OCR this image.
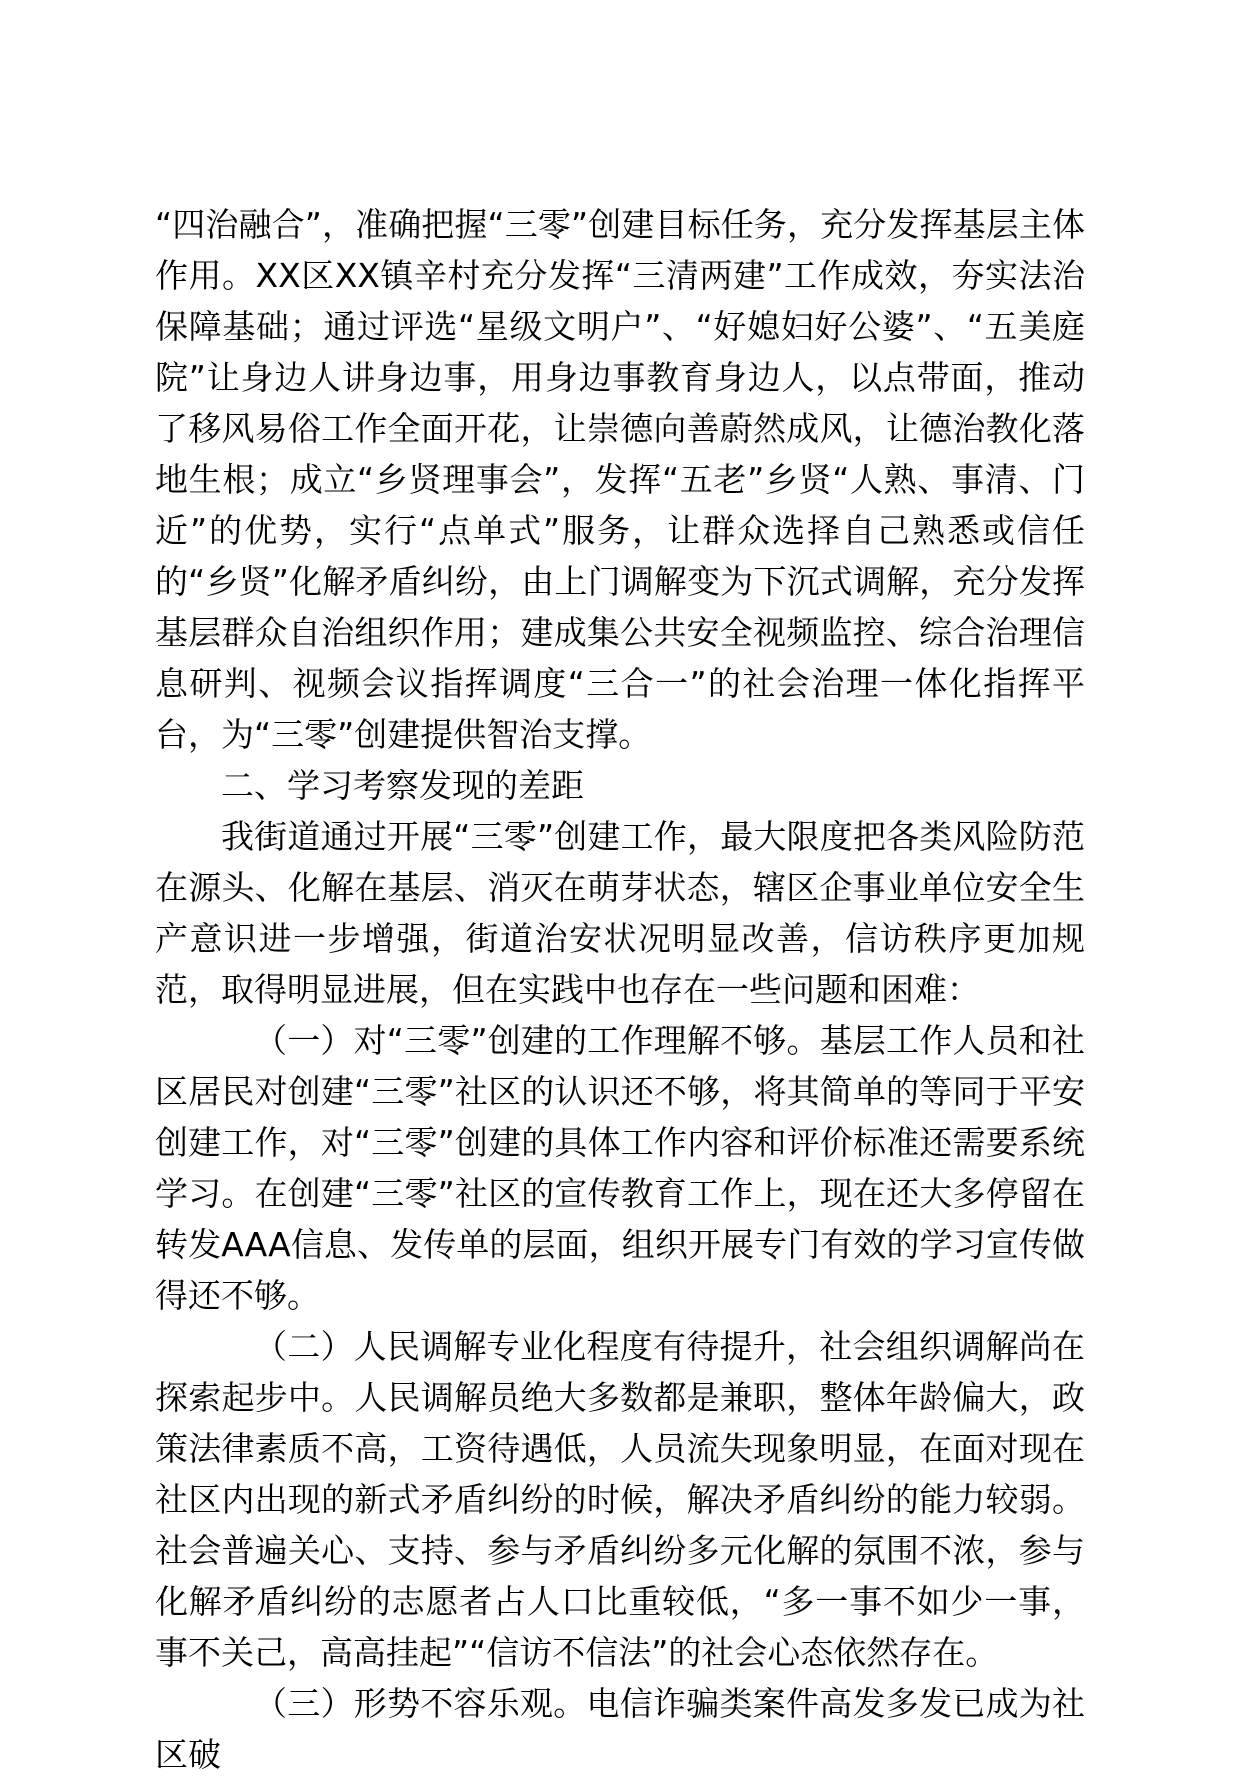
“四治融合”，准确把握“三零”创建目标任务，充分发挥基层主体作用。XX区XX镇辛村充分发挥“三清两建”工作成效，夯实法治保障基础；通过评选“星级文明户”、“好媳妇好公婆”、“五美庭院”让身边人讲身边事，用身边事教育身边人，以点带面，推动了移风易俗工作全面开花，让崇德向善蔚然成风，让德治教化落地生根；成立“乡贤理事会”，发挥“五老”乡贤“人熟、事清、门近”的优势，实行“点单式”服务，让群众选择自己熟悉或信任的“乡贤”化解矛盾纠纷，由上门调解变为下沉式调解，充分发挥基层群众自治组织作用；建成集公共安全视频监控、综合治理信息研判、视频会议指挥调度“三合一”的社会治理一体化指挥平台，为“三零”创建提供智治支撑。

二、学习考察发现的差距

我街道通过开展“三零”创建工作，最大限度把各类风险防范在源头、化解在基层、消灭在萌芽状态，辖区企事业单位安全生产意识进一步增强，街道治安状况明显改善，信访秩序更加规范，取得明显进展，但在实践中也存在一些问题和困难：

（一）对“三零”创建的工作理解不够。基层工作人员和社区居民对创建“三零”社区的认识还不够，将其简单的等同于平安创建工作，对“三零”创建的具体工作内容和评价标准还需要系统学习。在创建“三零”社区的宣传教育工作上，现在还大多停留在转发AAA信息、发传单的层面，组织开展专门有效的学习宣传做得还不够。

（二）人民调解专业化程度有待提升，社会组织调解尚在探索起步中。人民调解员绝大多数都是兼职，整体年龄偏大，政策法律素质不高，工资待遇低，人员流失现象明显，在面对现在社区内出现的新式矛盾纠纷的时候，解决矛盾纠纷的能力较弱。社会普遍关心、支持、参与矛盾纠纷多元化解的氛围不浓，参与化解矛盾纠纷的志愿者占人口比重较低，“多一事不如少一事，事不关己，高高挂起”“信访不信法”的社会心态依然存在。

（三）形势不容乐观。电信诈骗类案件高发多发已成为社区破
